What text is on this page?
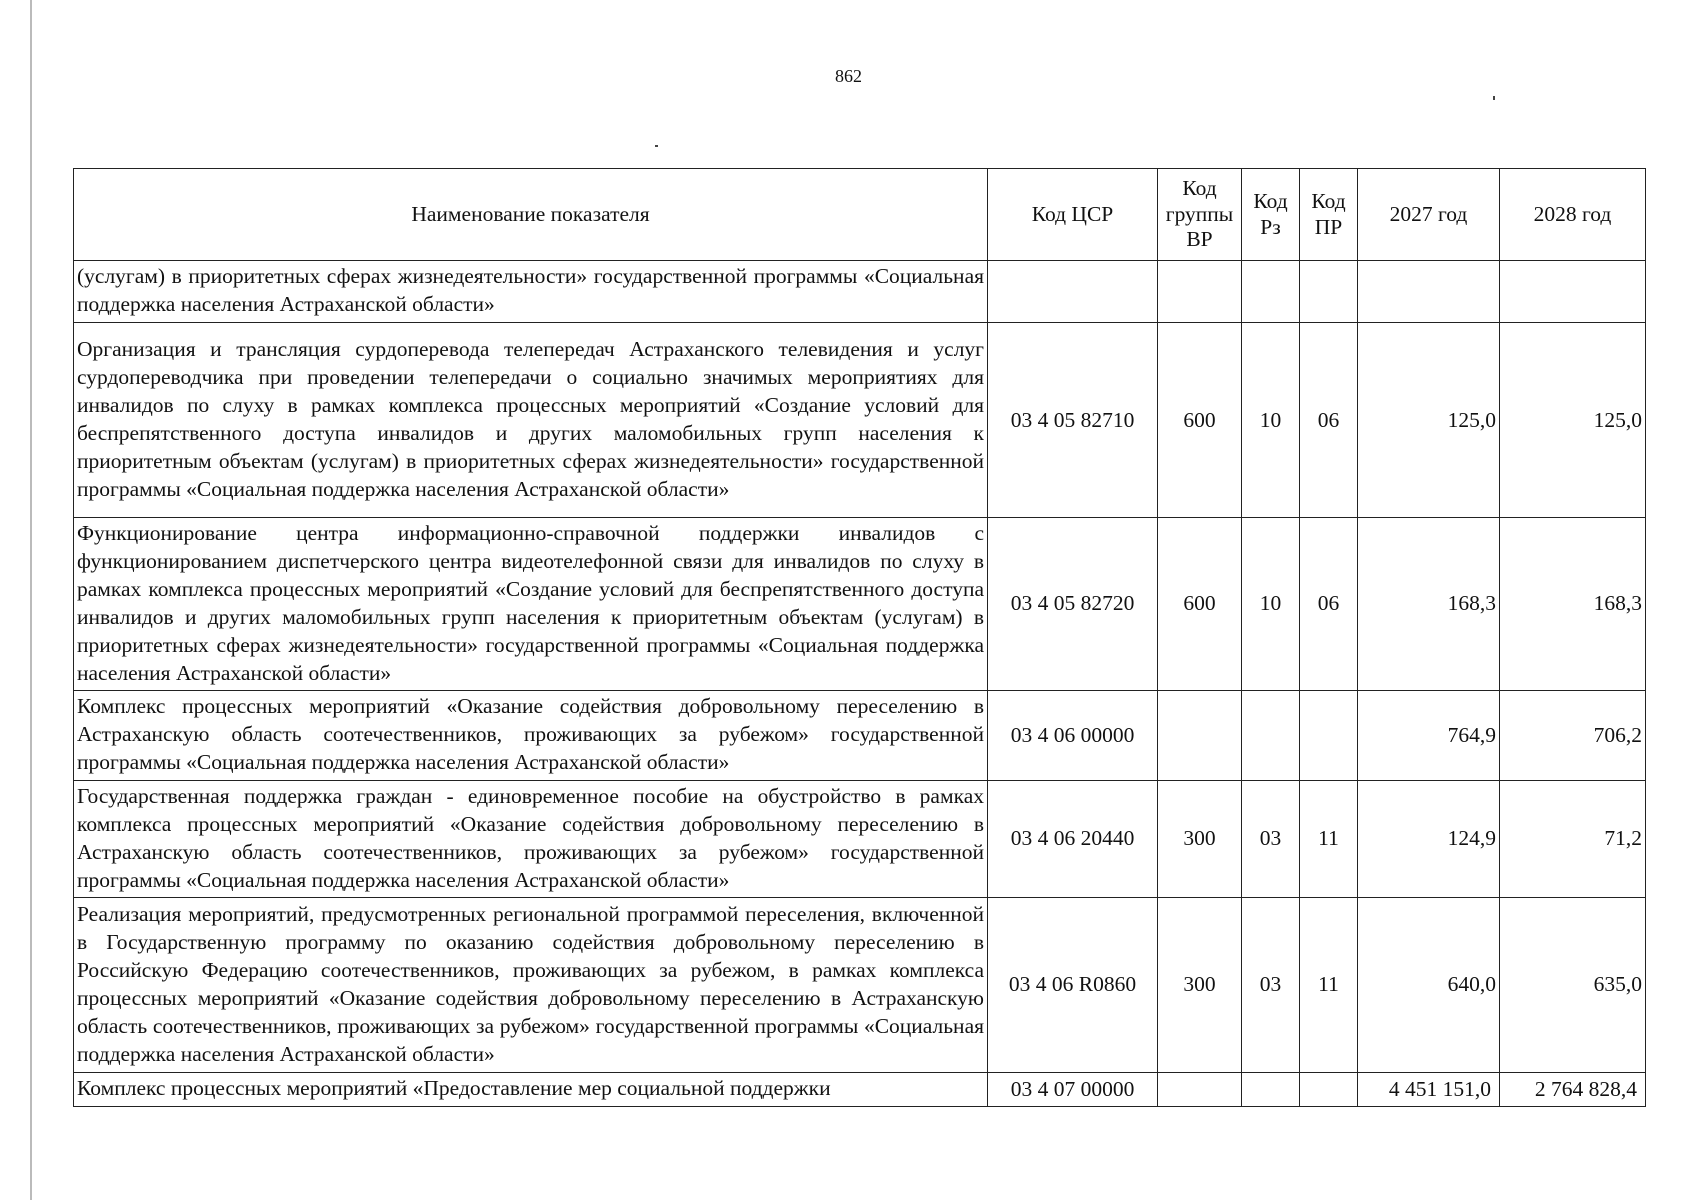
862
Наименование показателя	Код ЦСР	Код группы ВР	Код Рз	Код ПР	2027 год	2028 год
(услугам) в приоритетных сферах жизнедеятельности» государственной программы «Социальная поддержка населения Астраханской области»						
Организация и трансляция сурдоперевода телепередач Астраханского телевидения и услуг сурдопереводчика при проведении телепередачи о социально значимых мероприятиях для инвалидов по слуху в рамках комплекса процессных мероприятий «Создание условий для беспрепятственного доступа инвалидов и других маломобильных групп населения к приоритетным объектам (услугам) в приоритетных сферах жизнедеятельности» государственной программы «Социальная поддержка населения Астраханской области»	03 4 05 82710	600	10	06	125,0	125,0
Функционирование центра информационно-справочной поддержки инвалидов с функционированием диспетчерского центра видеотелефонной связи для инвалидов по слуху в рамках комплекса процессных мероприятий «Создание условий для беспрепятственного доступа инвалидов и других маломобильных групп населения к приоритетным объектам (услугам) в приоритетных сферах жизнедеятельности» государственной программы «Социальная поддержка населения Астраханской области»	03 4 05 82720	600	10	06	168,3	168,3
Комплекс процессных мероприятий «Оказание содействия добровольному переселению в Астраханскую область соотечественников, проживающих за рубежом» государственной программы «Социальная поддержка населения Астраханской области»	03 4 06 00000				764,9	706,2
Государственная поддержка граждан - единовременное пособие на обустройство в рамках комплекса процессных мероприятий «Оказание содействия добровольному переселению в Астраханскую область соотечественников, проживающих за рубежом» государственной программы «Социальная поддержка населения Астраханской области»	03 4 06 20440	300	03	11	124,9	71,2
Реализация мероприятий, предусмотренных региональной программой переселения, включенной в Государственную программу по оказанию содействия добровольному переселению в Российскую Федерацию соотечественников, проживающих за рубежом, в рамках комплекса процессных мероприятий «Оказание содействия добровольному переселению в Астраханскую область соотечественников, проживающих за рубежом» государственной программы «Социальная поддержка населения Астраханской области»	03 4 06 R0860	300	03	11	640,0	635,0
Комплекс процессных мероприятий «Предоставление мер социальной поддержки	03 4 07 00000				4 451 151,0	2 764 828,4
